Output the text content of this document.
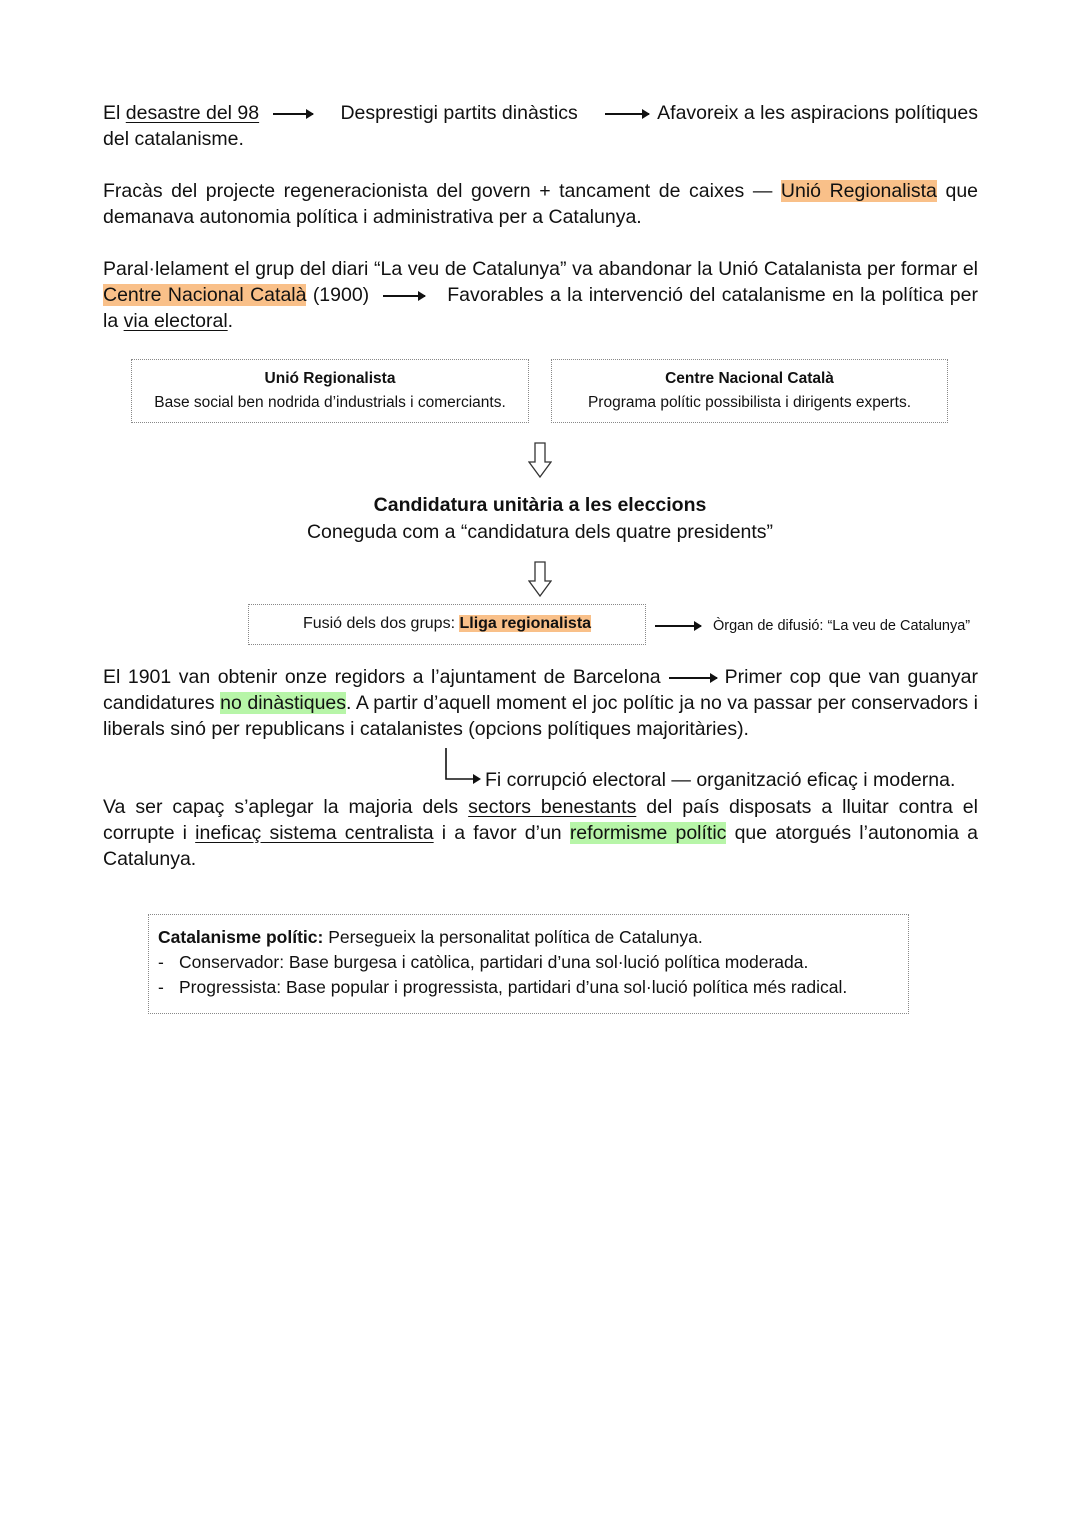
El desastre del 98	Desprestigi partits dinàstics	Afavoreix a les aspiracions polítiques
del catalanisme.
Fracàs del projecte regeneracionista del govern + tancament de caixes — Unió Regionalista que demanava autonomia política i administrativa per a Catalunya.
Paral·lelament el grup del diari “La veu de Catalunya” va abandonar la Unió Catalanista per formar el Centre Nacional Català (1900)	Favorables a la intervenció del catalanisme en la política per la via electoral.
Unió Regionalista
Base social ben nodrida d’industrials i comerciants.
Centre Nacional Català
Programa polític possibilista i dirigents experts.
Candidatura unitària a les eleccions
Coneguda com a “candidatura dels quatre presidents”
Fusió dels dos grups: Lliga regionalista	Òrgan de difusió: “La veu de Catalunya”
El 1901 van obtenir onze regidors a l’ajuntament de Barcelona	Primer cop que van guanyar candidatures no dinàstiques. A partir d’aquell moment el joc polític ja no va passar per conservadors i liberals sinó per republicans i catalanistes (opcions polítiques majoritàries).
Fi corrupció electoral — organització eficaç i moderna.
Va ser capaç s’aplegar la majoria dels sectors benestants del país disposats a lluitar contra el corrupte i ineficaç sistema centralista i a favor d’un reformisme polític que atorgués l’autonomia a Catalunya.
Catalanisme polític: Persegueix la personalitat política de Catalunya.
- Conservador: Base burgesa i catòlica, partidari d’una sol·lució política moderada.
- Progressista: Base popular i progressista, partidari d’una sol·lució política més radical.
